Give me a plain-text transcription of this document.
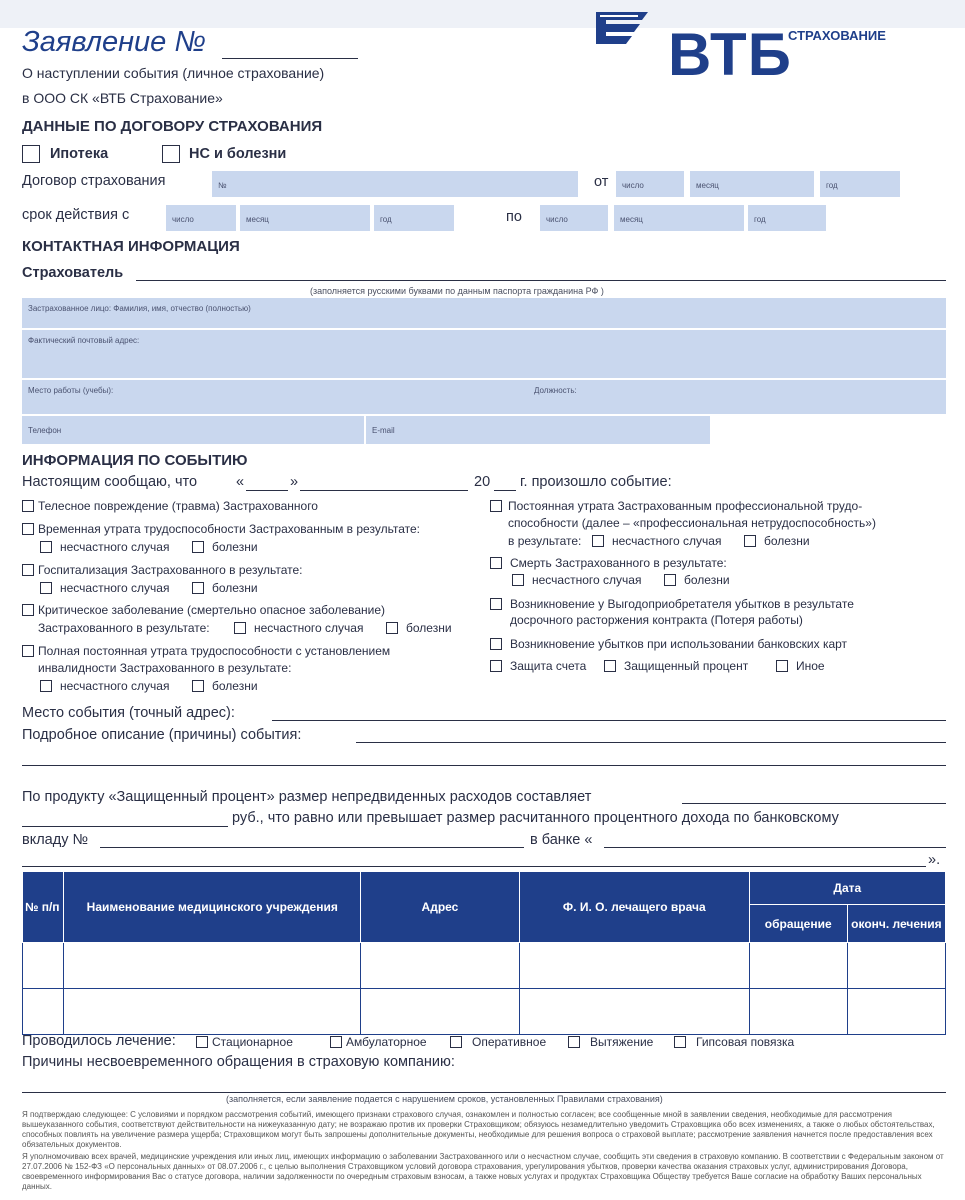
ВТБ
СТРАХОВАНИЕ
Заявление №
О наступлении события (личное страхование)
в ООО СК «ВТБ Страхование»
ДАННЫЕ ПО ДОГОВОРУ СТРАХОВАНИЯ
Ипотека	НС и болезни
Договор страхования	№	от число	месяц	год
срок действия с	число	месяц	год	по	число	месяц	год
КОНТАКТНАЯ ИНФОРМАЦИЯ
Страхователь
(заполняется русскими буквами по данным паспорта гражданина РФ )
Застрахованное лицо: Фамилия, имя, отчество (полностью)
Фактический почтовый адрес:
Место работы (учебы):	Должность:
Телефон	E-mail
ИНФОРМАЦИЯ ПО СОБЫТИЮ
Настоящим сообщаю, что	«	»	20 г. произошло событие:
Телесное повреждение (травма) Застрахованного
Временная утрата трудоспособности Застрахованным в результате:
несчастного случая	болезни
Госпитализация Застрахованного в результате:
несчастного случая	болезни
Критическое заболевание (смертельно опасное заболевание)
Застрахованного в результате:	несчастного случая	болезни
Полная постоянная утрата трудоспособности с установлением
инвалидности Застрахованного в результате:
несчастного случая	болезни
Постоянная утрата Застрахованным профессиональной трудо-
способности (далее – «профессиональная нетрудоспособность»)
в результате:	несчастного случая	болезни
Смерть Застрахованного в результате:
несчастного случая	болезни
Возникновение у Выгодоприобретателя убытков в результате
досрочного расторжения контракта (Потеря работы)
Возникновение убытков при использовании банковских карт
Защита счета	Защищенный процент	Иное
Место события (точный адрес):
Подробное описание (причины) события:
По продукту «Защищенный процент» размер непредвиденных расходов составляет
руб., что равно или превышает размер расчитанного процентного дохода по банковскому
вкладу №	в банке «
».
№ п/п	Наименование медицинского учреждения	Адрес	Ф. И. О. лечащего врача	Дата	
				обращение	оконч. лечения

Проводилось лечение:	Стационарное	Амбулаторное	Оперативное	Вытяжение	Гипсовая повязка
Причины несвоевременного обращения в страховую компанию:
(заполняется, если заявление подается с нарушением сроков, установленных Правилами страхования)
Я подтверждаю следующее: С условиями и порядком рассмотрения событий, имеющего признаки страхового случая, ознакомлен и полностью согласен; все сообщенные мной в заявлении сведения, необходимые для рассмотрения вышеуказанного события, соответствуют действительности на нижеуказанную дату; не возражаю против их проверки Страховщиком; обязуюсь незамедлительно уведомить Страховщика обо всех изменениях, а также о любых обстоятельствах, способных повлиять на увеличение размера ущерба; Страховщиком могут быть запрошены дополнительные документы, необходимые для решения вопроса о страховой выплате; рассмотрение заявления начнется после предоставления всех обязательных документов.
Я уполномочиваю всех врачей, медицинские учреждения или иных лиц, имеющих информацию о заболевании Застрахованного или о несчастном случае, сообщить эти сведения в страховую компанию. В соответствии с Федеральным законом от 27.07.2006 № 152-ФЗ «О персональных данных» от 08.07.2006 г., с целью выполнения Страховщиком условий договора страхования, урегулирования убытков, проверки качества оказания страховых услуг, администрирования Договора, своевременного информирования Вас о статусе договора, наличии задолженности по очередным страховым взносам, а также новых услугах и продуктах Страховщика Обществу требуется Ваше согласие на обработку Ваших персональных данных.
